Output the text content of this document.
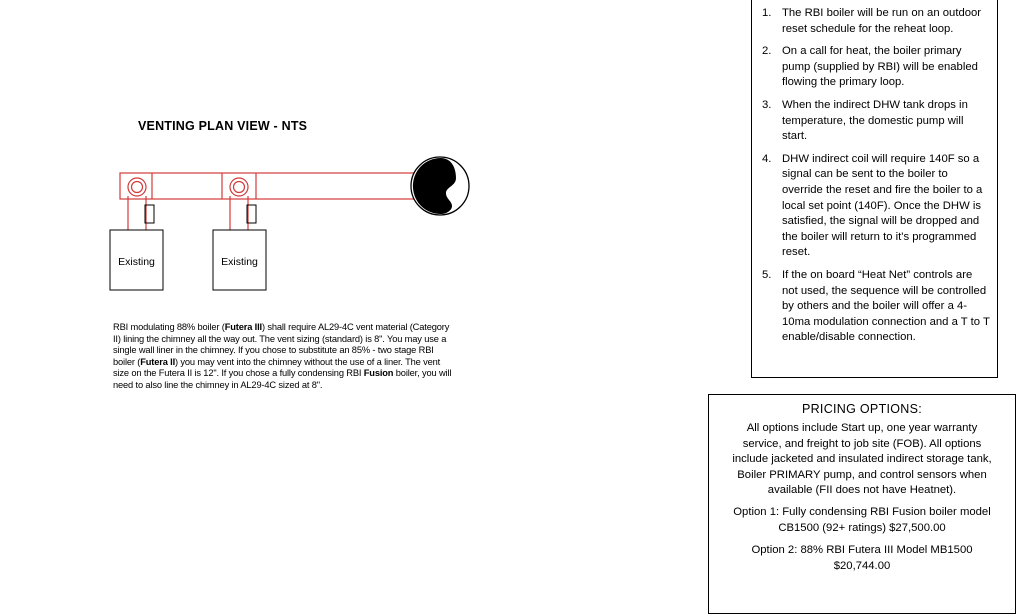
Existing	Existing
VENTING PLAN VIEW - NTS
RBI modulating 88% boiler (Futera III) shall require AL29-4C vent material (Category II) lining the chimney all the way out. The vent sizing (standard) is 8". You may use a single wall liner in the chimney. If you chose to substitute an 85% - two stage RBI boiler (Futera II) you may vent into the chimney without the use of a liner. The vent size on the Futera II is 12". If you chose a fully condensing RBI Fusion boiler, you will need to also line the chimney in AL29-4C sized at 8".
1. The RBI boiler will be run on an outdoor reset schedule for the reheat loop.
2. On a call for heat, the boiler primary pump (supplied by RBI) will be enabled flowing the primary loop.
3. When the indirect DHW tank drops in temperature, the domestic pump will start.
4. DHW indirect coil will require 140F so a signal can be sent to the boiler to override the reset and fire the boiler to a local set point (140F). Once the DHW is satisfied, the signal will be dropped and the boiler will return to it's programmed reset.
5. If the on board “Heat Net” controls are not used, the sequence will be controlled by others and the boiler will offer a 4-10ma modulation connection and a T to T enable/disable connection.
PRICING OPTIONS:
All options include Start up, one year warranty service, and freight to job site (FOB). All options include jacketed and insulated indirect storage tank, Boiler PRIMARY pump, and control sensors when available (FII does not have Heatnet).
Option 1: Fully condensing RBI Fusion boiler model CB1500 (92+ ratings) $27,500.00
Option 2: 88% RBI Futera III Model MB1500 $20,744.00
